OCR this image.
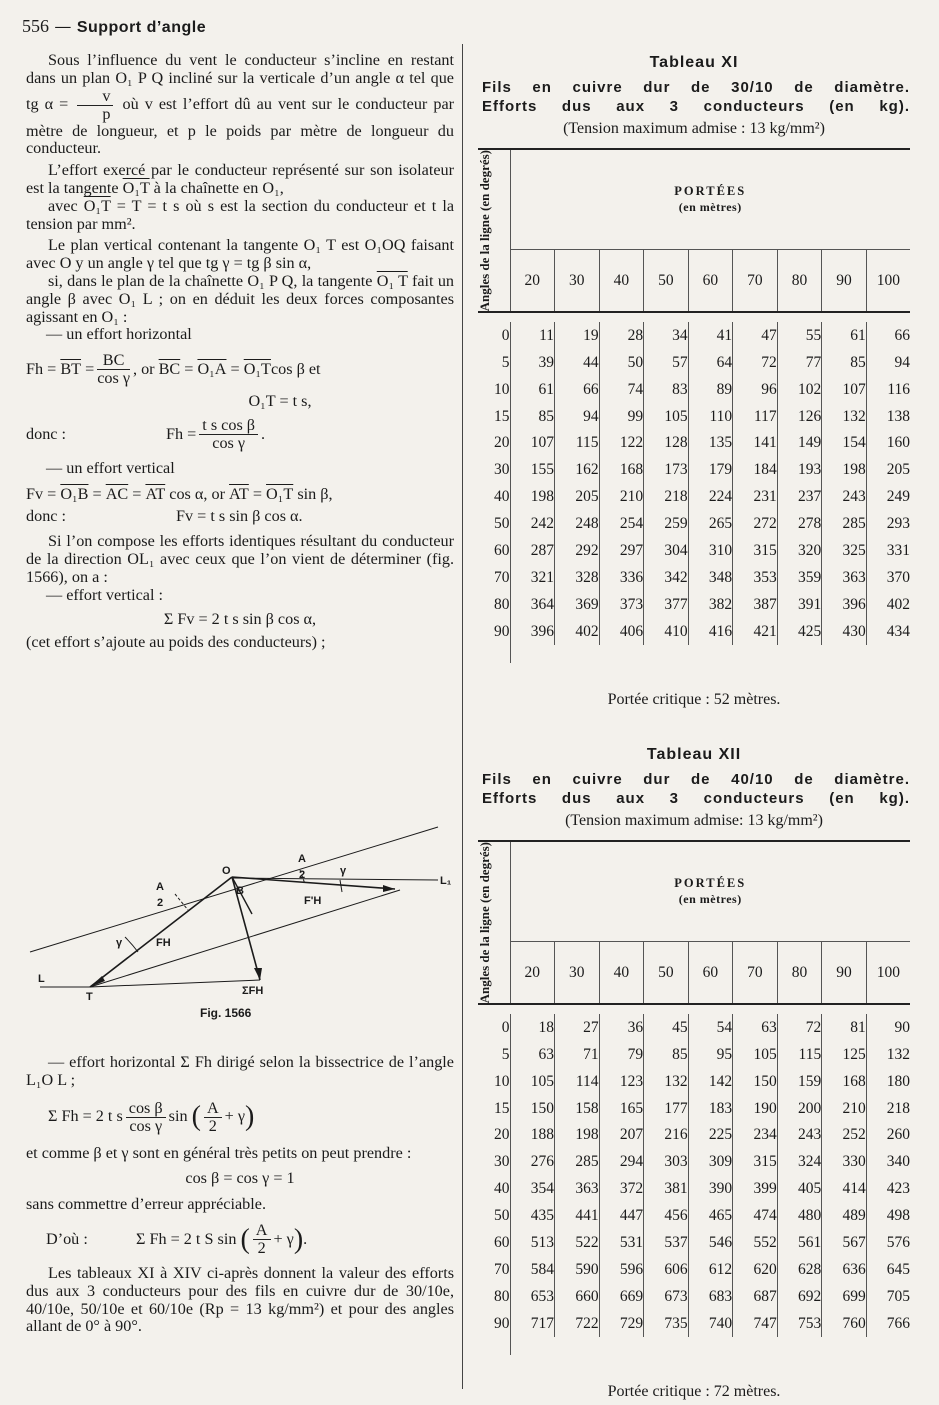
556 — Support d’angle

Sous l’influence du vent le conducteur s’incline en restant dans un plan O₁ P Q incliné sur la verticale d’un angle α tel que tg $\alpha = \frac{v}{p}$ où v est l’effort dû au vent sur le conducteur par mètre de longueur, et p le poids par mètre de longueur du conducteur.

L’effort exercé par le conducteur représenté sur son isolateur est la tangente O₁T à la chaînette en O₁,

avec O₁T = T = t s où s est la section du conducteur et t la tension par mm².

Le plan vertical contenant la tangente O₁ T est O₁OQ faisant avec O y un angle γ tel que tg γ = tg β sin α,

si, dans le plan de la chaînette O₁ P Q, la tangente O₁ T fait un angle β avec O₁ L ; on en déduit les deux forces composantes agissant en O₁ :

— un effort horizontal

Fh =
$\overline{BT}$
= $\frac{BC}{\text{cos γ}}$ , or
$\overline{BC}$
=
O₁A
=
O₁T cos β et

O₁T = t s,

donc :	$Fh = \frac{\text{t s cos β}}{\text{cos γ}}$ .

— un effort vertical

Fv =
O₁B
=
$\overline{AC}$
=
$\overline{AT}$
cos α, or
$\overline{AT}$
=
O₁T
sin β,
donc :	Fv = t s sin β cos α.

Si l’on compose les efforts identiques résultant du conducteur de la direction OL₁ avec ceux que l’on vient de déterminer (fig. 1566), on a :

— effort vertical :

Σ Fv = 2 t s sin β cos α,

(cet effort s’ajoute au poids des conducteurs) ;

O
B
T
L
L₁
A
2
A
2
γ
γ
F'H
FH
ΣFH
Fig. 1566

— effort horizontal Σ Fh dirigé selon la bissectrice de l’angle L₁O L ;

Σ Fh = 2 t s $\frac{\text{cos β}}{\text{cos γ}}$ sin
( $\frac{A}{2} + \gamma$ )

et comme β et γ sont en général très petits on peut prendre :

cos β = cos γ = 1

sans commettre d’erreur appréciable.

D’où :	Σ Fh = 2 t S sin
( $\frac{A}{2} + \gamma$ ) .

Les tableaux XI à XIV ci-après donnent la valeur des efforts dus aux 3 conducteurs pour des fils en cuivre dur de 30/10e, 40/10e, 50/10e et 60/10e (Rp = 13 kg/mm²) et pour des angles allant de 0° à 90°.

Tableau XI
Fils en cuivre dur de 30/10 de diamètre.
Efforts dus aux 3 conducteurs (en kg).
(Tension maximum admise : 13 kg/mm²)
Angles de la ligne (en degrés)	PORTÉES
(en mètres)								

	20	30	40	50	60	70	80	90	100

0	11	19	28	34	41	47	55	61	66
5	39	44	50	57	64	72	77	85	94
10	61	66	74	83	89	96	102	107	116
15	85	94	99	105	110	117	126	132	138
20	107	115	122	128	135	141	149	154	160
30	155	162	168	173	179	184	193	198	205
40	198	205	210	218	224	231	237	243	249
50	242	248	254	259	265	272	278	285	293
60	287	292	297	304	310	315	320	325	331
70	321	328	336	342	348	353	359	363	370
80	364	369	373	377	382	387	391	396	402
90	396	402	406	410	416	421	425	430	434

Portée critique : 52 mètres.
Tableau XII
Fils en cuivre dur de 40/10 de diamètre.
Efforts dus aux 3 conducteurs (en kg).
(Tension maximum admise: 13 kg/mm²)
Angles de la ligne (en degrés)	PORTÉES
(en mètres)								

	20	30	40	50	60	70	80	90	100

0	18	27	36	45	54	63	72	81	90
5	63	71	79	85	95	105	115	125	132
10	105	114	123	132	142	150	159	168	180
15	150	158	165	177	183	190	200	210	218
20	188	198	207	216	225	234	243	252	260
30	276	285	294	303	309	315	324	330	340
40	354	363	372	381	390	399	405	414	423
50	435	441	447	456	465	474	480	489	498
60	513	522	531	537	546	552	561	567	576
70	584	590	596	606	612	620	628	636	645
80	653	660	669	673	683	687	692	699	705
90	717	722	729	735	740	747	753	760	766

Portée critique : 72 mètres.
